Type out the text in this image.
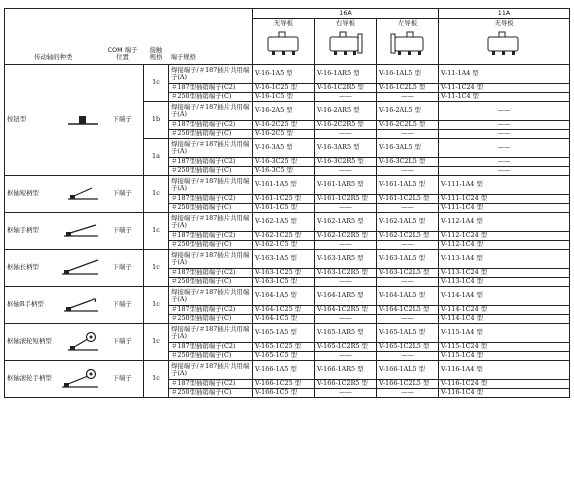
				16A			11A
传动轴的种类	COM 端子
位置	接触
规格	端子规格	无导板	右导板	左导板	无导板

按钮型	下端子	1c	焊接端子/＃187插片共用端子(A)	V-16-1A5 型	V-16-1AR5 型	V-16-1AL5 型	V-11-1A4 型
			＃187型插销端子(C2)	V-16-1C25 型	V-16-1C2R5 型	V-16-1C2L5 型	V-11-1C24 型
			＃250型插销端子(C)	V-16-1C5 型	——	——	V-11-1C4 型
		1b	焊接端子/＃187插片共用端子(A)	V-16-2A5 型	V-16-2AR5 型	V-16-2AL5 型	——
			＃187型插销端子(C2)	V-16-2C25 型	V-16-2C2R5 型	V-16-2C2L5 型	——
			＃250型插销端子(C)	V-16-2C5 型	——	——	——
		1a	焊接端子/＃187插片共用端子(A)	V-16-3A5 型	V-16-3AR5 型	V-16-3AL5 型	——
			＃187型插销端子(C2)	V-16-3C25 型	V-16-3C2R5 型	V-16-3C2L5 型	——
			＃250型插销端子(C)	V-16-3C5 型	——	——	——

枢轴短柄型	下端子	1c	焊接端子/＃187插片共用端子(A)	V-161-1A5 型	V-161-1AR5 型	V-161-1AL5 型	V-111-1A4 型
			＃187型插销端子(C2)	V-161-1C25 型	V-161-1C2R5 型	V-161-1C2L5 型	V-111-1C24 型
			＃250型插销端子(C)	V-161-1C5 型	——	——	V-111-1C4 型

枢轴手柄型	下端子	1c	焊接端子/＃187插片共用端子(A)	V-162-1A5 型	V-162-1AR5 型	V-162-1AL5 型	V-112-1A4 型
			＃187型插销端子(C2)	V-162-1C25 型	V-162-1C2R5 型	V-162-1C2L5 型	V-112-1C24 型
			＃250型插销端子(C)	V-162-1C5 型	——	——	V-112-1C4 型

枢轴长柄型	下端子	1c	焊接端子/＃187插片共用端子(A)	V-163-1A5 型	V-163-1AR5 型	V-163-1AL5 型	V-113-1A4 型
			＃187型插销端子(C2)	V-163-1C25 型	V-163-1C2R5 型	V-163-1C2L5 型	V-113-1C24 型
			＃250型插销端子(C)	V-163-1C5 型	——	——	V-113-1C4 型

枢轴R手柄型	下端子	1c	焊接端子/＃187插片共用端子(A)	V-164-1A5 型	V-164-1AR5 型	V-164-1AL5 型	V-114-1A4 型
			＃187型插销端子(C2)	V-164-1C25 型	V-164-1C2R5 型	V-164-1C2L5 型	V-114-1C24 型
			＃250型插销端子(C)	V-164-1C5 型	——	——	V-114-1C4 型

枢轴滚轮短柄型	下端子	1c	焊接端子/＃187插片共用端子(A)	V-165-1A5 型	V-165-1AR5 型	V-165-1AL5 型	V-115-1A4 型
			＃187型插销端子(C2)	V-165-1C25 型	V-165-1C2R5 型	V-165-1C2L5 型	V-115-1C24 型
			＃250型插销端子(C)	V-165-1C5 型	——	——	V-115-1C4 型

枢轴滚轮手柄型	下端子	1c	焊接端子/＃187插片共用端子(A)	V-166-1A5 型	V-166-1AR5 型	V-166-1AL5 型	V-116-1A4 型
			＃187型插销端子(C2)	V-166-1C25 型	V-166-1C2R5 型	V-166-1C2L5 型	V-116-1C24 型
			＃250型插销端子(C)	V-166-1C5 型	——	——	V-116-1C4 型
